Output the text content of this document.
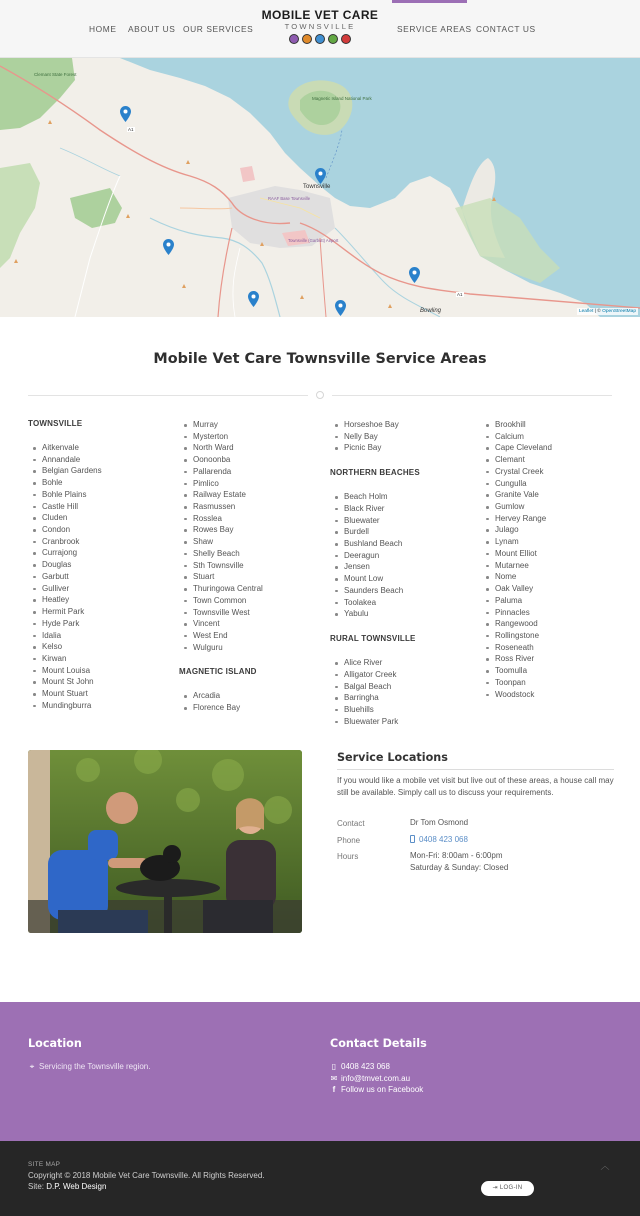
HOME ABOUT US OUR SERVICES
MOBILE VET CARE
TOWNSVILLE	SERVICE AREAS CONTACT US
Clemant State Forest
Magnetic Island National Park
Townsville
RAAF Base Townsville
Townsville (Garbutt) Airport
Bowling
A1
A1
Leaflet | © OpenStreetMap
Mobile Vet Care Townsville Service Areas
TOWNSVILLE
Aitkenvale
Annandale
Belgian Gardens
Bohle
Bohle Plains
Castle Hill
Cluden
Condon
Cranbrook
Currajong
Douglas
Garbutt
Gulliver
Heatley
Hermit Park
Hyde Park
Idalia
Kelso
Kirwan
Mount Louisa
Mount St John
Mount Stuart
Mundingburra
Murray
Mysterton
North Ward
Oonoonba
Pallarenda
Pimlico
Railway Estate
Rasmussen
Rosslea
Rowes Bay
Shaw
Shelly Beach
Sth Townsville
Stuart
Thuringowa Central
Town Common
Townsville West
Vincent
West End
Wulguru
MAGNETIC ISLAND
Arcadia
Florence Bay
Horseshoe Bay
Nelly Bay
Picnic Bay
NORTHERN BEACHES
Beach Holm
Black River
Bluewater
Burdell
Bushland Beach
Deeragun
Jensen
Mount Low
Saunders Beach
Toolakea
Yabulu
RURAL TOWNSVILLE
Alice River
Alligator Creek
Balgal Beach
Barringha
Bluehills
Bluewater Park
Brookhill
Calcium
Cape Cleveland
Clemant
Crystal Creek
Cungulla
Granite Vale
Gumlow
Hervey Range
Julago
Lynam
Mount Elliot
Mutarnee
Nome
Oak Valley
Paluma
Pinnacles
Rangewood
Rollingstone
Roseneath
Ross River
Toomulla
Toonpan
Woodstock
Service Locations

If you would like a mobile vet visit but live out of these areas, a house call may still be available. Simply call us to discuss your requirements.

Contact	Dr Tom Osmond
Phone	0408 423 068
Hours	Mon-Fri: 8:00am - 6:00pm
Saturday & Sunday: Closed
Location
⌖ Servicing the Townsville region.
Contact Details
▯ 0408 423 068
✉ info@tmvet.com.au
f Follow us on Facebook
SITE MAP
Copyright © 2018 Mobile Vet Care Townsville. All Rights Reserved.
Site: D.P. Web Design
︿
⇥ LOG-IN
